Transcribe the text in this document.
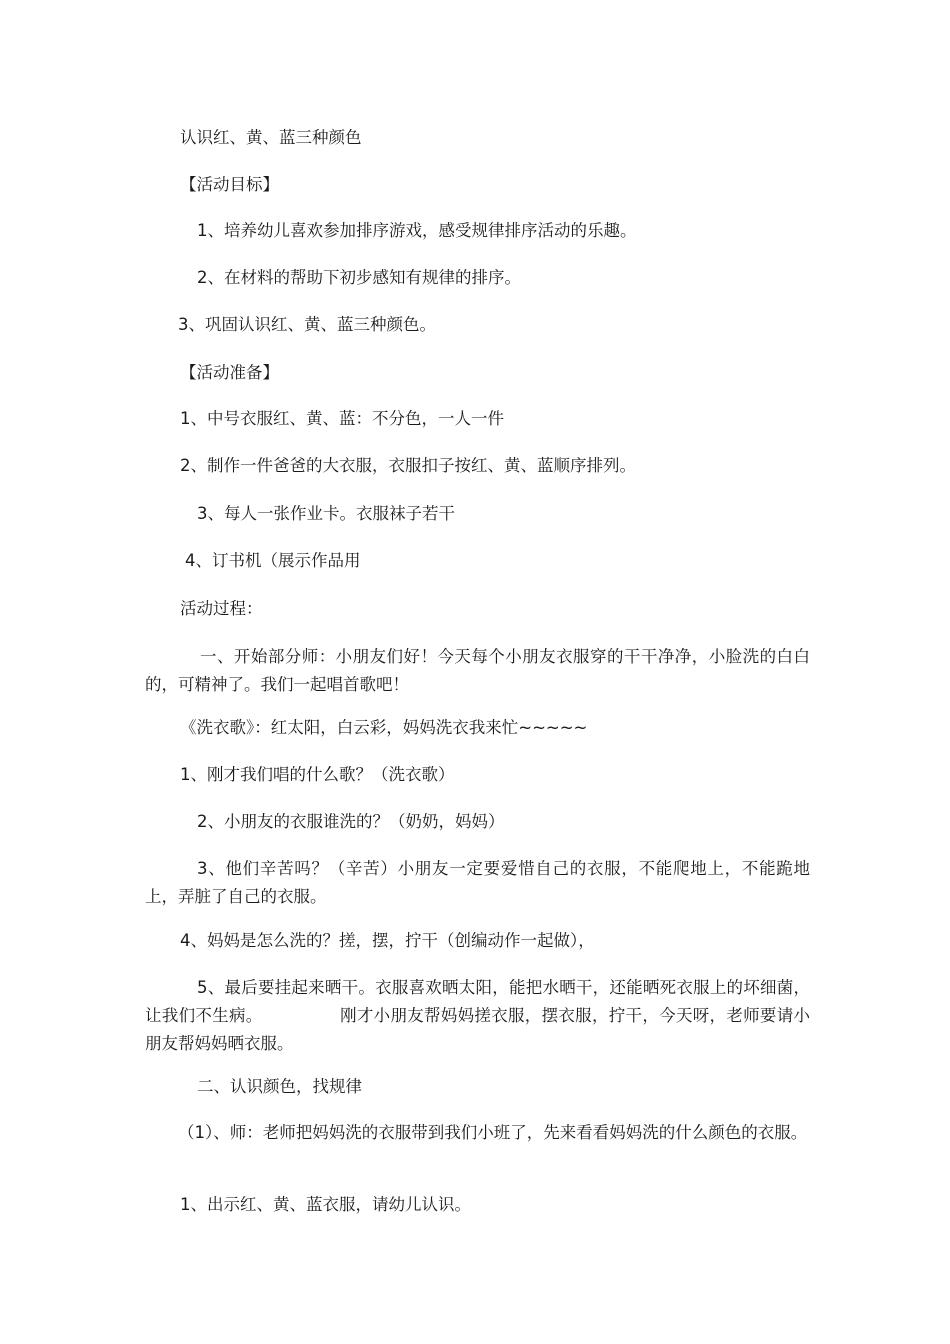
认识红、黄、蓝三种颜色

【活动目标】

1、培养幼儿喜欢参加排序游戏，感受规律排序活动的乐趣。

2、在材料的帮助下初步感知有规律的排序。

3、巩固认识红、黄、蓝三种颜色。

【活动准备】

1、中号衣服红、黄、蓝：不分色，一人一件

2、制作一件爸爸的大衣服，衣服扣子按红、黄、蓝顺序排列。

3、每人一张作业卡。衣服袜子若干

4、订书机（展示作品用

活动过程：

一、开始部分师：小朋友们好！今天每个小朋友衣服穿的干干净净，小脸洗的白白的，可精神了。我们一起唱首歌吧！

《洗衣歌》：红太阳，白云彩，妈妈洗衣我来忙~~~~~

1、刚才我们唱的什么歌？（洗衣歌）

2、小朋友的衣服谁洗的？（奶奶，妈妈）

3、他们辛苦吗？（辛苦）小朋友一定要爱惜自己的衣服，不能爬地上，不能跪地上，弄脏了自己的衣服。

4、妈妈是怎么洗的？搓，摆，拧干（创编动作一起做），

5、最后要挂起来晒干。衣服喜欢晒太阳，能把水晒干，还能晒死衣服上的坏细菌，让我们不生病。              刚才小朋友帮妈妈搓衣服，摆衣服，拧干，今天呀，老师要请小朋友帮妈妈晒衣服。

二、认识颜色，找规律

（1）、师：老师把妈妈洗的衣服带到我们小班了，先来看看妈妈洗的什么颜色的衣服。

1、出示红、黄、蓝衣服，请幼儿认识。
